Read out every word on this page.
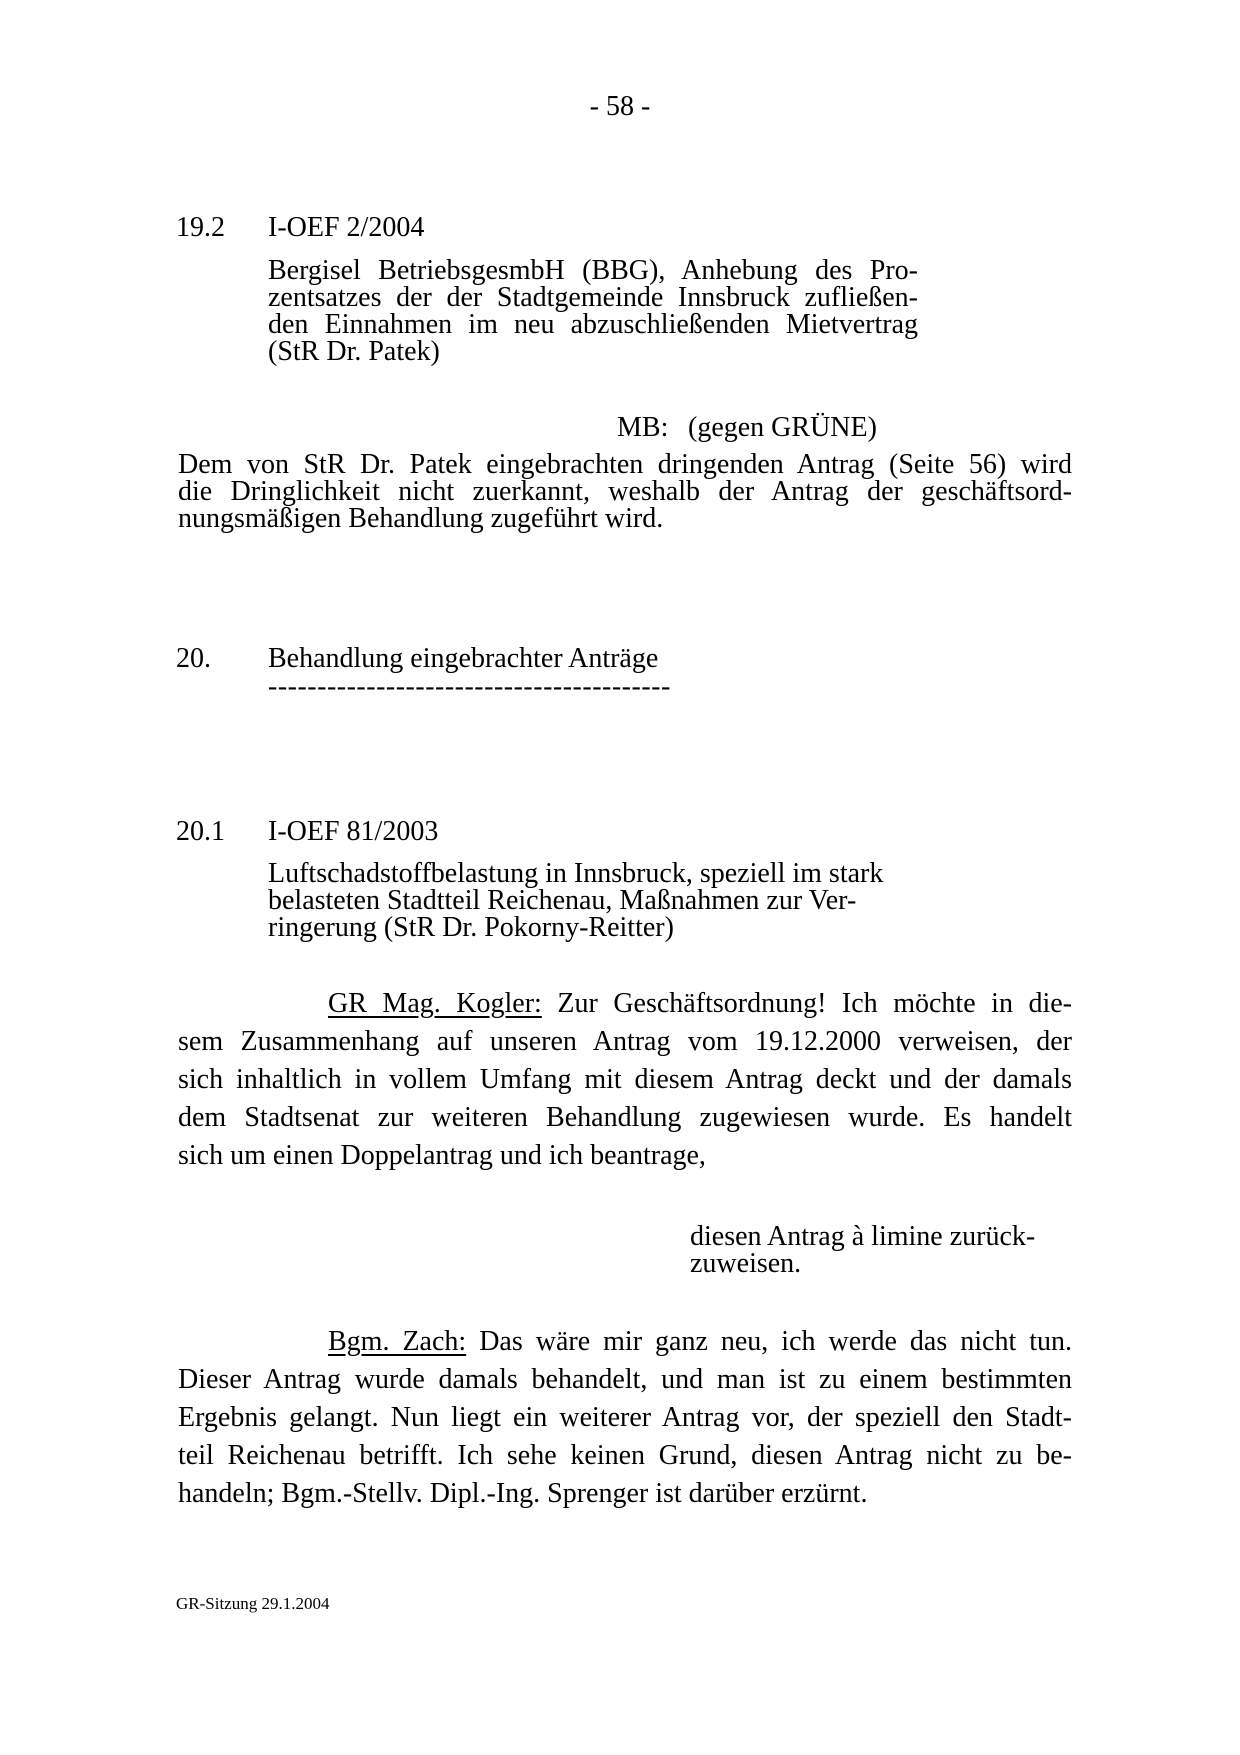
- 58 -
19.2 I-OEF 2/2004
Bergisel BetriebsgesmbH (BBG), Anhebung des Pro-
zentsatzes der der Stadtgemeinde Innsbruck zufließen-
den Einnahmen im neu abzuschließenden Mietvertrag
(StR Dr. Patek)
MB: (gegen GRÜNE)
Dem von StR Dr. Patek eingebrachten dringenden Antrag (Seite 56) wird
die Dringlichkeit nicht zuerkannt, weshalb der Antrag der geschäftsord-
nungsmäßigen Behandlung zugeführt wird.
20. Behandlung eingebrachter Anträge
-----------------------------------------
20.1 I-OEF 81/2003
Luftschadstoffbelastung in Innsbruck, speziell im stark
belasteten Stadtteil Reichenau, Maßnahmen zur Ver-
ringerung (StR Dr. Pokorny-Reitter)
GR Mag. Kogler: Zur Geschäftsordnung! Ich möchte in die-
sem Zusammenhang auf unseren Antrag vom 19.12.2000 verweisen, der
sich inhaltlich in vollem Umfang mit diesem Antrag deckt und der damals
dem Stadtsenat zur weiteren Behandlung zugewiesen wurde. Es handelt
sich um einen Doppelantrag und ich beantrage,
diesen Antrag à limine zurück-
zuweisen.
Bgm. Zach: Das wäre mir ganz neu, ich werde das nicht tun.
Dieser Antrag wurde damals behandelt, und man ist zu einem bestimmten
Ergebnis gelangt. Nun liegt ein weiterer Antrag vor, der speziell den Stadt-
teil Reichenau betrifft. Ich sehe keinen Grund, diesen Antrag nicht zu be-
handeln; Bgm.-Stellv. Dipl.-Ing. Sprenger ist darüber erzürnt.
GR-Sitzung 29.1.2004
